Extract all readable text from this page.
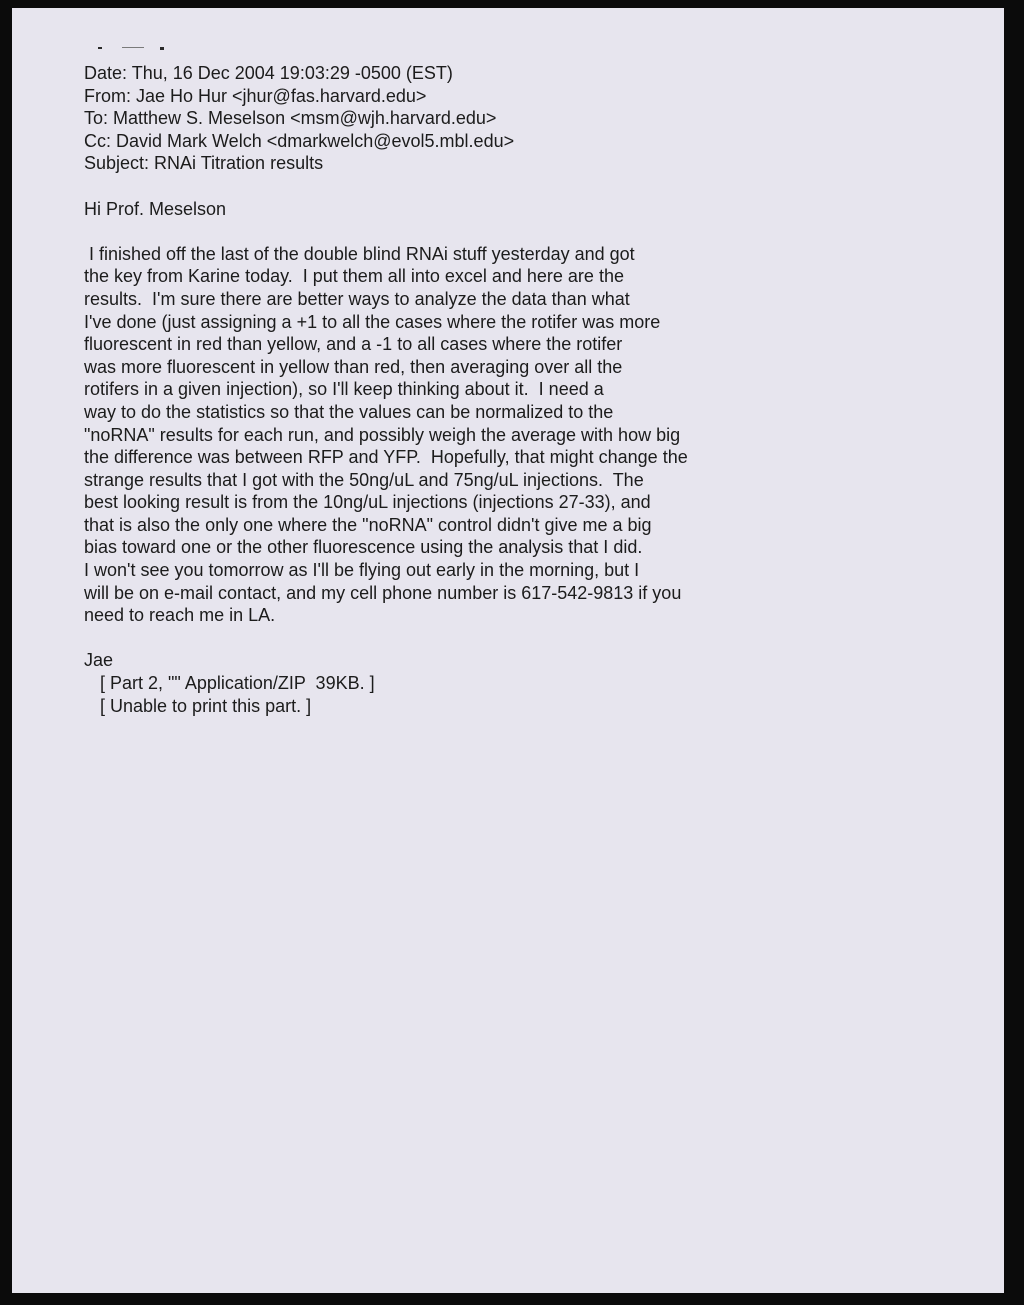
Date: Thu, 16 Dec 2004 19:03:29 -0500 (EST)
From: Jae Ho Hur <jhur@fas.harvard.edu>
To: Matthew S. Meselson <msm@wjh.harvard.edu>
Cc: David Mark Welch <dmarkwelch@evol5.mbl.edu>
Subject: RNAi Titration results
Hi Prof. Meselson
I finished off the last of the double blind RNAi stuff yesterday and got
the key from Karine today.  I put them all into excel and here are the
results.  I'm sure there are better ways to analyze the data than what
I've done (just assigning a +1 to all the cases where the rotifer was more
fluorescent in red than yellow, and a -1 to all cases where the rotifer
was more fluorescent in yellow than red, then averaging over all the
rotifers in a given injection), so I'll keep thinking about it.  I need a
way to do the statistics so that the values can be normalized to the
"noRNA" results for each run, and possibly weigh the average with how big
the difference was between RFP and YFP.  Hopefully, that might change the
strange results that I got with the 50ng/uL and 75ng/uL injections.  The
best looking result is from the 10ng/uL injections (injections 27-33), and
that is also the only one where the "noRNA" control didn't give me a big
bias toward one or the other fluorescence using the analysis that I did.
I won't see you tomorrow as I'll be flying out early in the morning, but I
will be on e-mail contact, and my cell phone number is 617-542-9813 if you
need to reach me in LA.
Jae
[ Part 2, "" Application/ZIP  39KB. ]
[ Unable to print this part. ]
